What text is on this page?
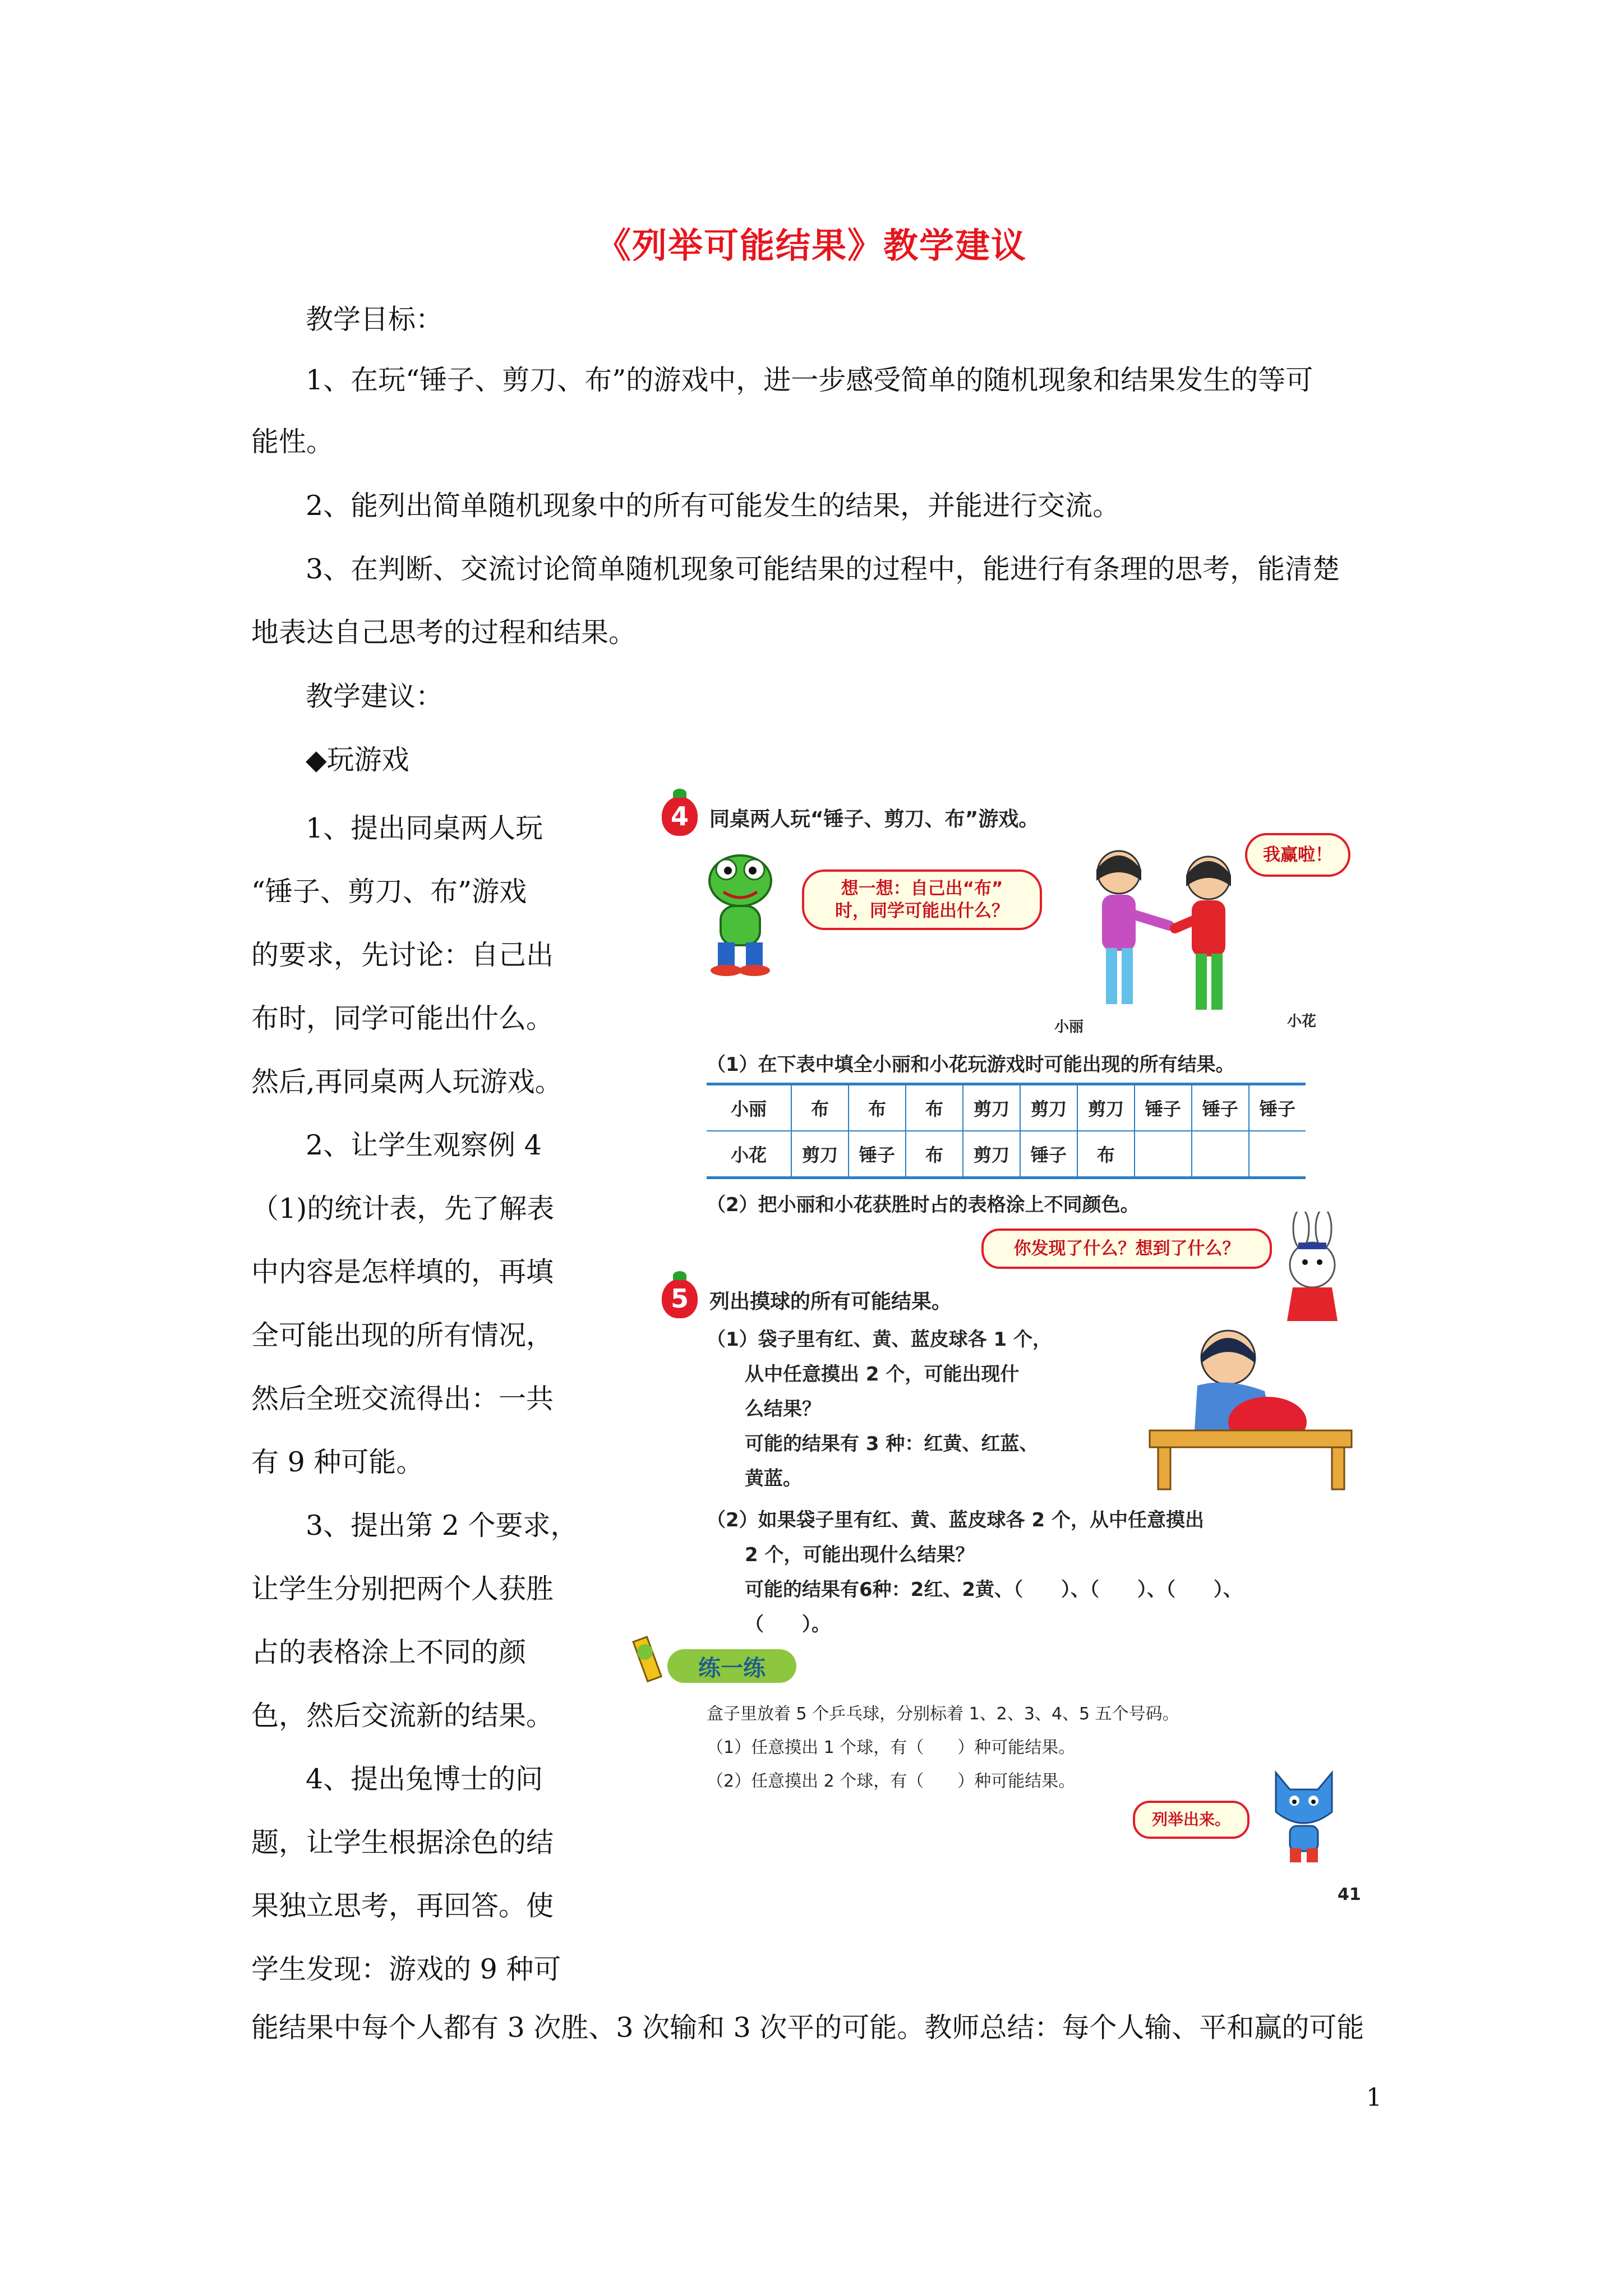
《列举可能结果》教学建议
教学目标：
1、在玩“锤子、剪刀、布”的游戏中，进一步感受简单的随机现象和结果发生的等可
能性。
2、能列出简单随机现象中的所有可能发生的结果，并能进行交流。
3、在判断、交流讨论简单随机现象可能结果的过程中，能进行有条理的思考，能清楚
地表达自己思考的过程和结果。
教学建议：
◆玩游戏
1、提出同桌两人玩
“锤子、剪刀、布”游戏
的要求，先讨论：自己出
布时，同学可能出什么。
然后,再同桌两人玩游戏。
2、让学生观察例 4
（1)的统计表，先了解表
中内容是怎样填的，再填
全可能出现的所有情况，
然后全班交流得出：一共
有 9 种可能。
3、提出第 2 个要求，
让学生分别把两个人获胜
占的表格涂上不同的颜
色，然后交流新的结果。
4、提出兔博士的问
题，让学生根据涂色的结
果独立思考，再回答。使
学生发现：游戏的 9 种可
能结果中每个人都有 3 次胜、3 次输和 3 次平的可能。教师总结：每个人输、平和赢的可能
1
4	同桌两人玩“锤子、剪刀、布”游戏。
想一想：自己出“布”
时，同学可能出什么？
我赢啦！
小丽	小花
（1）在下表中填全小丽和小花玩游戏时可能出现的所有结果。
小丽	布	布	布	剪刀	剪刀	剪刀	锤子	锤子	锤子
小花	剪刀	锤子	布	剪刀	锤子	布			
（2）把小丽和小花获胜时占的表格涂上不同颜色。
你发现了什么？想到了什么？
5	列出摸球的所有可能结果。
（1）袋子里有红、黄、蓝皮球各 1 个，
从中任意摸出 2 个，可能出现什
么结果？
可能的结果有 3 种：红黄、红蓝、
黄蓝。
（2）如果袋子里有红、黄、蓝皮球各 2 个，从中任意摸出
2 个，可能出现什么结果？
可能的结果有6种：2红、2黄、（　　）、（　　）、（　　）、
（　　）。
练一练
盒子里放着 5 个乒乓球，分别标着 1、2、3、4、5 五个号码。
（1）任意摸出 1 个球，有（　　）种可能结果。
（2）任意摸出 2 个球，有（　　）种可能结果。
列举出来。
41
